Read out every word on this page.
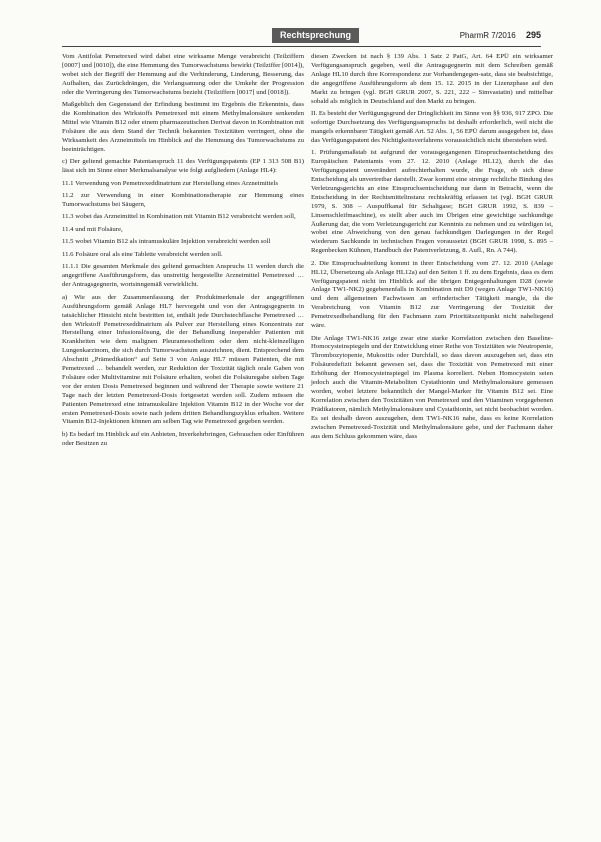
Rechtsprechung	PharmR 7/2016 295

Vom Antifolat Pemetrexed wird dabei eine wirksame Menge verabreicht (Teilziffern [0007] und [0010]), die eine Hemmung des Tumorwachstums bewirkt (Teilziffer [0014]), wobei sich der Begriff der Hemmung auf die Verhinderung, Linderung, Besserung, das Aufhalten, das Zurückdrängen, die Verlangsamung oder die Umkehr der Progression oder die Verringerung des Tumorwachstums bezieht (Teilziffern [0017] und [0018]).

Maßgeblich den Gegenstand der Erfindung bestimmt im Ergebnis die Erkenntnis, dass die Kombination des Wirkstoffs Pemetrexed mit einem Methylmalonsäure senkenden Mittel wie Vitamin B12 oder einem pharmazeutischen Derivat davon in Kombination mit Folsäure die aus dem Stand der Technik bekannten Toxizitäten verringert, ohne die Wirksamkeit des Arzneimittels im Hinblick auf die Hemmung des Tumorwachstums zu beeinträchtigen.

c) Der geltend gemachte Patentanspruch 11 des Verfügungspatents (EP 1 313 508 B1) lässt sich im Sinne einer Merkmalsanalyse wie folgt aufgliedern (Anlage HL4):

11.1 Verwendung von Pemetrexeddinatrium zur Herstellung eines Arzneimittels

11.2 zur Verwendung in einer Kombinationstherapie zur Hemmung eines Tumorwachstums bei Säugern,

11.3 wobei das Arzneimittel in Kombination mit Vitamin B12 verabreicht werden soll,

11.4 und mit Folsäure,

11.5 wobei Vitamin B12 als intramuskuläre Injektion verabreicht werden soll

11.6 Folsäure oral als eine Tablette verabreicht werden soll.

11.1.1 Die gesamten Merkmale des geltend gemachten Anspruchs 11 werden durch die angegriffene Ausführungsform, das unstreitig hergestellte Arzneimittel Pemetrexed … der Antragsgegnerin, wortsinngemäß verwirklicht.

a) Wie aus der Zusammenfassung der Produktmerkmale der angegriffenen Ausführungsform gemäß Anlage HL7 hervorgeht und von der Antragsgegnerin in tatsächlicher Hinsicht nicht bestritten ist, enthält jede Durchstechflasche Pemetrexed … den Wirkstoff Pemetrexeddinatrium als Pulver zur Herstellung eines Konzentrats zur Herstellung einer Infusionslösung, die der Behandlung inoperabler Patienten mit Krankheiten wie dem malignen Pleuramesotheliom oder dem nicht-kleinzelligen Lungenkarzinom, die sich durch Tumorwachstum auszeichnen, dient. Entsprechend dem Abschnitt „Prämedikation“ auf Seite 3 von Anlage HL7 müssen Patienten, die mit Pemetrexed … behandelt werden, zur Reduktion der Toxizität täglich orale Gaben von Folsäure oder Multivitamine mit Folsäure erhalten, wobei die Folsäuregabe sieben Tage vor der ersten Dosis Pemetrexed beginnen und während der Therapie sowie weitere 21 Tage nach der letzten Pemetrexed-Dosis fortgesetzt werden soll. Zudem müssen die Patienten Pemetrexed eine intramuskuläre Injektion Vitamin B12 in der Woche vor der ersten Pemetrexed-Dosis sowie nach jedem dritten Behandlungszyklus erhalten. Weitere Vitamin B12-Injektionen können am selben Tag wie Pemetrexed gegeben werden.

b) Es bedarf im Hinblick auf ein Anbieten, Inverkehrbringen, Gebrauchen oder Einführen oder Besitzen zu

diesen Zwecken ist nach § 139 Abs. 1 Satz 2 PatG, Art. 64 EPÜ ein wirksamer Verfügungsanspruch gegeben, weil die Antragsgegnerin mit dem Schreiben gemäß Anlage HL10 durch ihre Korrespondenz zur Vorhandengegen-satz, dass sie beabsichtige, die angegriffene Ausführungsform ab dem 15. 12. 2015 in der Lizenzphase auf den Markt zu bringen (vgl. BGH GRUR 2007, S. 221, 222 – Simvastatin) und mittelbar sobald als möglich in Deutschland auf den Markt zu bringen.

II. Es besteht der Verfügungsgrund der Dringlichkeit im Sinne von §§ 936, 917 ZPO. Die sofortige Durchsetzung des Verfügungsanspruchs ist deshalb erforderlich, weil nicht die mangels erkennbarer Tätigkeit gemäß Art. 52 Abs. 1, 56 EPÜ darum ausgegeben ist, dass das Verfügungspatent des Nichtigkeitsverfahrens voraussichtlich nicht überstehen wird.

1. Prüfungsmaßstab ist aufgrund der vorausgegangenen Einspruchsentscheidung des Europäischen Patentamts vom 27. 12. 2010 (Anlage HL12), durch die das Verfügungspatent unverändert aufrechterhalten wurde, die Frage, ob sich diese Entscheidung als unvertretbar darstellt. Zwar kommt eine strenge rechtliche Bindung des Verletzungsgerichts an eine Einspruchsentscheidung nur dann in Betracht, wenn die Entscheidung in der Rechtsmittelinstanz rechtskräftig erlassen ist (vgl. BGH GRUR 1979, S. 308 – Auspuffkanal für Schaltgase; BGH GRUR 1992, S. 839 – Linsenschleifmaschine), es stellt aber auch im Übrigen eine gewichtige sachkundige Äußerung dar, die vom Verletzungsgericht zur Kenntnis zu nehmen und zu würdigen ist, wobei eine Abweichung von den genau fachkundigen Darlegungen in der Regel wiederum Sachkunde in technischen Fragen voraussetzt (BGH GRUR 1998, S. 895 – Regenbecken Kühnen, Handbuch der Patentverletzung, 8. Aufl., Rn. A 744).

2. Die Einspruchsabteilung kommt in ihrer Entscheidung vom 27. 12. 2010 (Anlage HL12, Übersetzung als Anlage HL12a) auf den Seiten 1 ff. zu dem Ergebnis, dass es dem Verfügungspatent nicht im Hinblick auf die übrigen Entgegenhaltungen D28 (sowie Anlage TW1-NK2) gegebenenfalls in Kombination mit D9 (wegen Anlage TW1-NK16) und dem allgemeinen Fachwissen an erfinderischer Tätigkeit mangle, da die Verabreichung von Vitamin B12 zur Verringerung der Toxizität der Pemetrexedbehandlung für den Fachmann zum Prioritätszeitpunkt nicht naheliegend wäre.

Die Anlage TW1-NK16 zeige zwar eine starke Korrelation zwischen den Baseline-Homocysteinspiegeln und der Entwicklung einer Reihe von Toxizitäten wie Neutropenie, Thrombozytopenie, Mukositis oder Durchfall, so dass davon auszugehen sei, dass ein Folsäuredefizit bekannt gewesen sei, dass die Toxizität von Pemetrexed mit einer Erhöhung der Homocysteinspiegel im Plasma korreliert. Neben Homocystein seien jedoch auch die Vitamin-Metaboliten Cystathionin und Methylmalonsäure gemessen worden, wobei letztere bekanntlich der Mangel-Marker für Vitamin B12 sei. Eine Korrelation zwischen den Toxizitäten von Pemetrexed und den Vitaminen vorgegebenen Prädikatoren, nämlich Methylmalonsäure und Cystathionin, sei nicht beobachtet worden. Es sei deshalb davon auszugehen, dem TW1-NK16 nahe, dass es keine Korrelation zwischen Pemetrexed-Toxizität und Methylmalonsäure gebe, und der Fachmann daher aus dem Schluss gekommen wäre, dass
